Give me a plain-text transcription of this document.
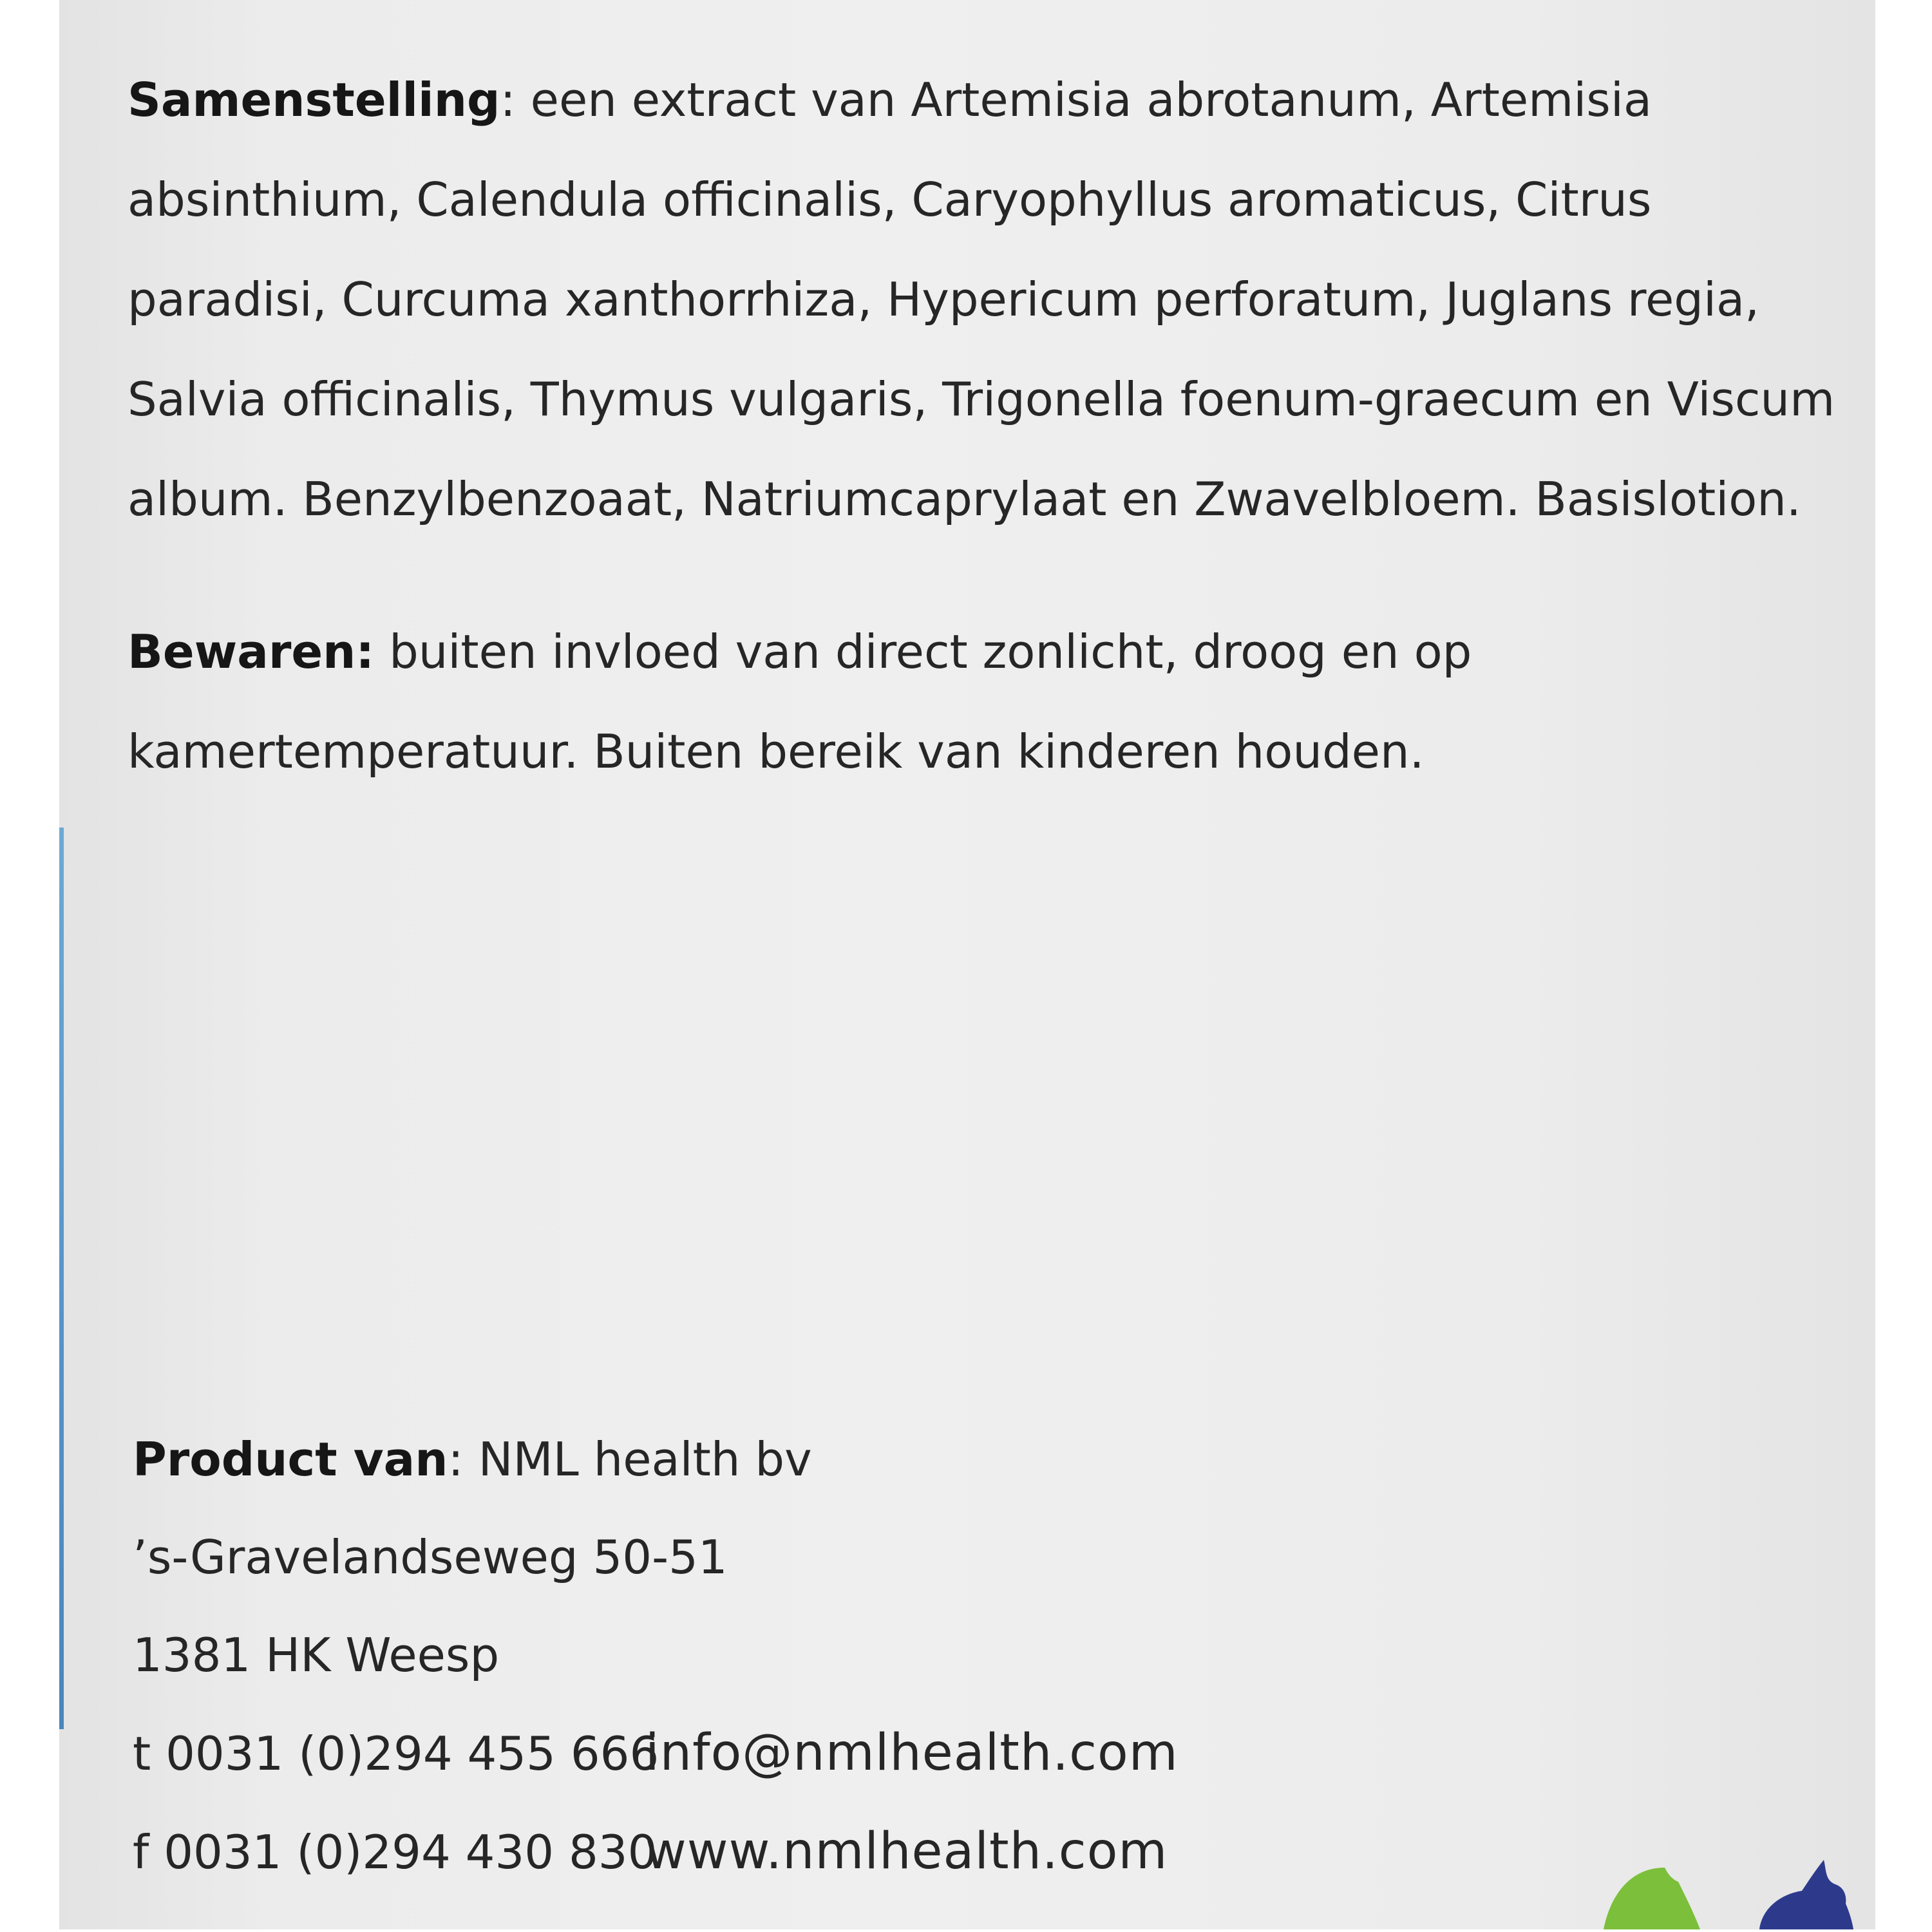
Samenstelling: een extract van Artemisia abrotanum, Artemisia absinthium, Calendula officinalis, Caryophyllus aromaticus, Citrus paradisi, Curcuma xanthorrhiza, Hypericum perforatum, Juglans regia, Salvia officinalis, Thymus vulgaris, Trigonella foenum-graecum en Viscum album. Benzylbenzoaat, Natriumcaprylaat en Zwavelbloem. Basislotion.

Bewaren: buiten invloed van direct zonlicht, droog en op kamertemperatuur. Buiten bereik van kinderen houden.

Product van: NML health bv
’s-Gravelandseweg 50-51
1381 HK Weesp
t 0031 (0)294 455 666info@nmlhealth.com
f 0031 (0)294 430 830www.nmlhealth.com
